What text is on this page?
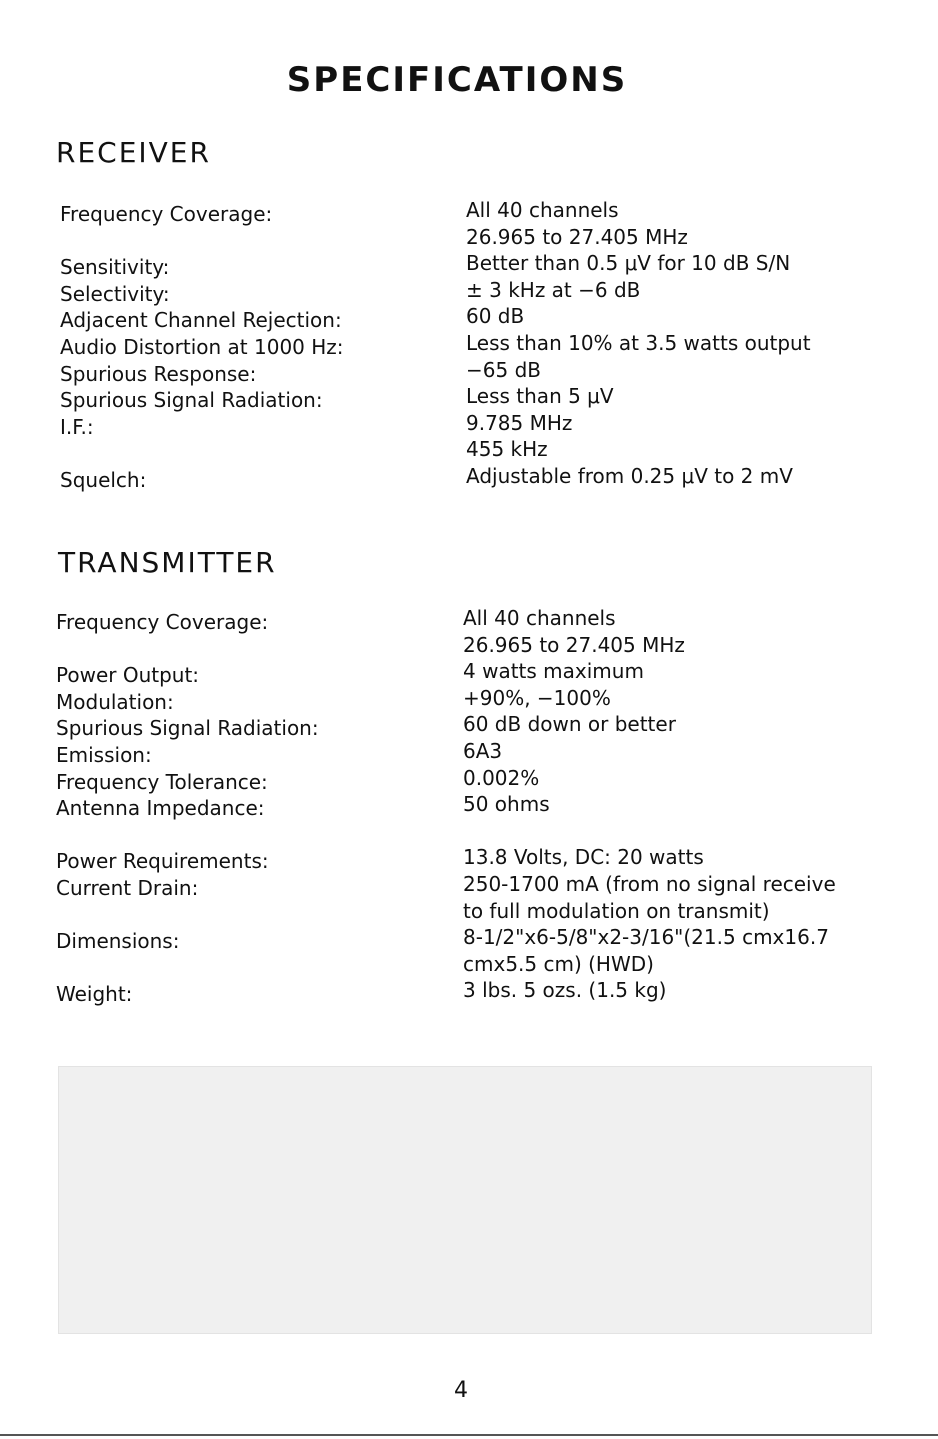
SPECIFICATIONS
RECEIVER
Frequency Coverage:
Sensitivity:
Selectivity:
Adjacent Channel Rejection:
Audio Distortion at 1000 Hz:
Spurious Response:
Spurious Signal Radiation:
I.F.:
Squelch:
All 40 channels
26.965 to 27.405 MHz
Better than 0.5 μV for 10 dB S/N
± 3 kHz at −6 dB
60 dB
Less than 10% at 3.5 watts output
−65 dB
Less than 5 μV
9.785 MHz
455 kHz
Adjustable from 0.25 μV to 2 mV
TRANSMITTER
Frequency Coverage:
Power Output:
Modulation:
Spurious Signal Radiation:
Emission:
Frequency Tolerance:
Antenna Impedance:
Power Requirements:
Current Drain:
Dimensions:
Weight:
All 40 channels
26.965 to 27.405 MHz
4 watts maximum
+90%, −100%
60 dB down or better
6A3
0.002%
50 ohms
13.8 Volts, DC: 20 watts
250-1700 mA (from no signal receive
to full modulation on transmit)
8-1/2"x6-5/8"x2-3/16"(21.5 cmx16.7
cmx5.5 cm) (HWD)
3 lbs. 5 ozs. (1.5 kg)
4
